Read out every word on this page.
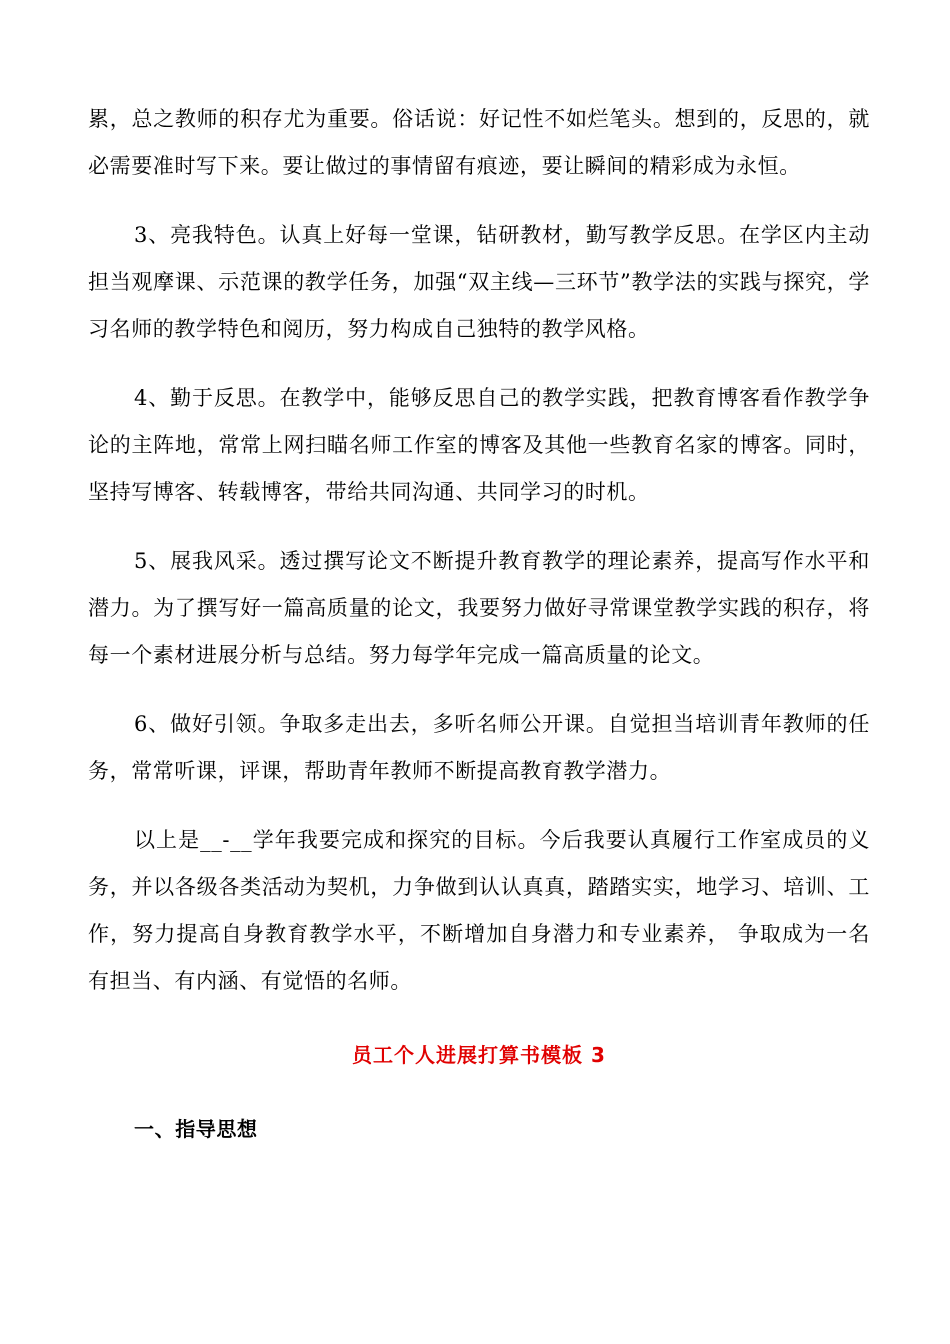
累，总之教师的积存尤为重要。俗话说：好记性不如烂笔头。想到的，反思的，就必需要准时写下来。要让做过的事情留有痕迹，要让瞬间的精彩成为永恒。

3、亮我特色。认真上好每一堂课，钻研教材，勤写教学反思。在学区内主动担当观摩课、示范课的教学任务，加强“双主线—三环节”教学法的实践与探究，学习名师的教学特色和阅历，努力构成自己独特的教学风格。

4、勤于反思。在教学中，能够反思自己的教学实践，把教育博客看作教学争论的主阵地，常常上网扫瞄名师工作室的博客及其他一些教育名家的博客。同时，坚持写博客、转载博客，带给共同沟通、共同学习的时机。

5、展我风采。透过撰写论文不断提升教育教学的理论素养，提高写作水平和潜力。为了撰写好一篇高质量的论文，我要努力做好寻常课堂教学实践的积存，将每一个素材进展分析与总结。努力每学年完成一篇高质量的论文。

6、做好引领。争取多走出去，多听名师公开课。自觉担当培训青年教师的任务，常常听课，评课，帮助青年教师不断提高教育教学潜力。

以上是__-__学年我要完成和探究的目标。今后我要认真履行工作室成员的义务，并以各级各类活动为契机，力争做到认认真真，踏踏实实，地学习、培训、工作，努力提高自身教育教学水平，不断增加自身潜力和专业素养， 争取成为一名有担当、有内涵、有觉悟的名师。

员工个人进展打算书模板 3
一、指导思想
